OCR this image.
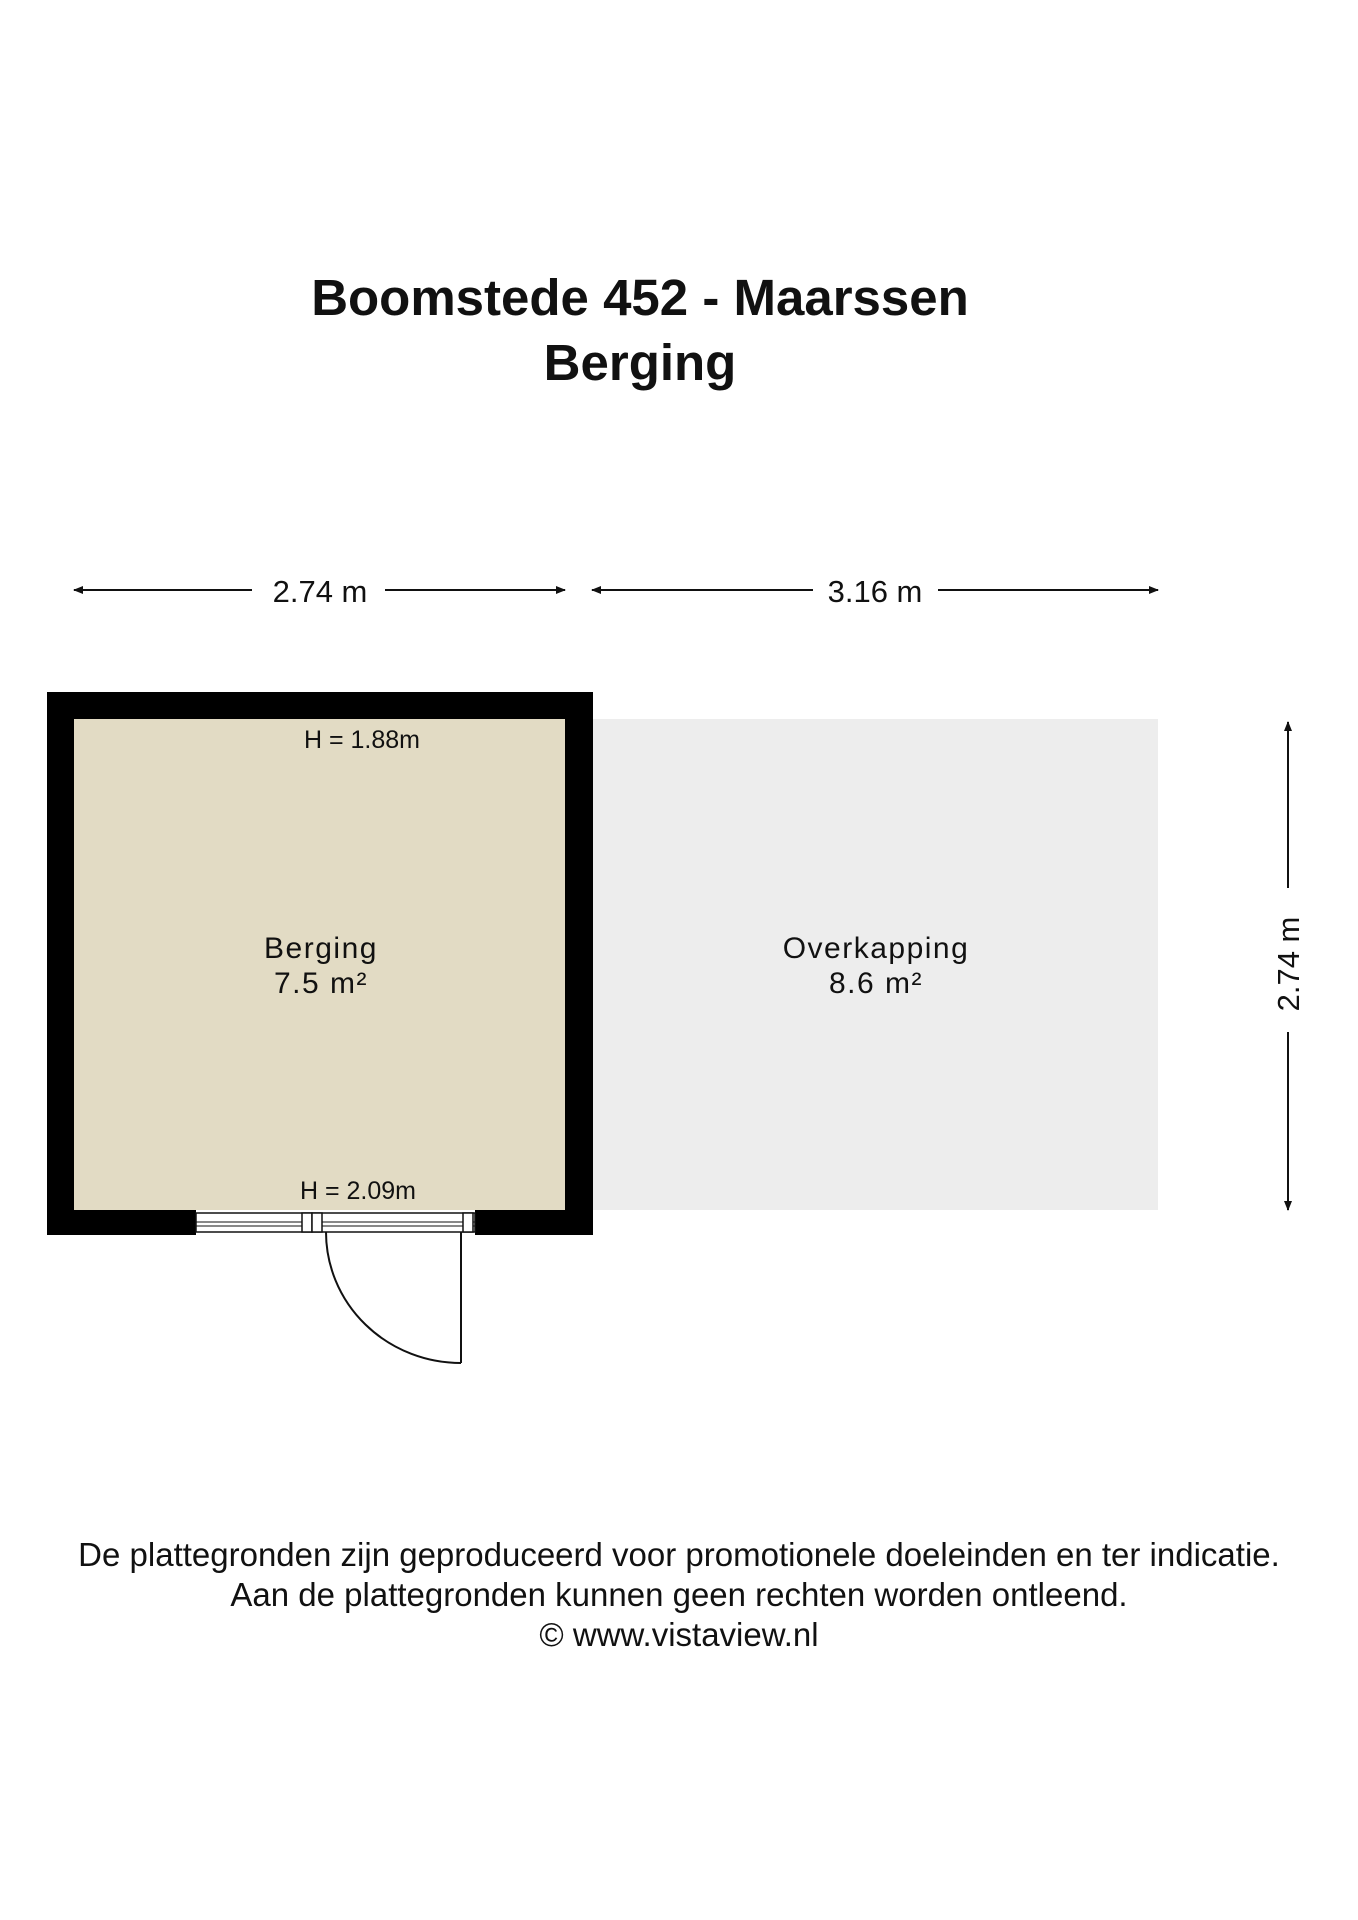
Boomstede 452 - Maarssen
Berging
2.74 m	3.16 m
2.74 m
H = 1.88m
Berging
7.5 m²
H = 2.09m
Overkapping
8.6 m²
De plattegronden zijn geproduceerd voor promotionele doeleinden en ter indicatie.
Aan de plattegronden kunnen geen rechten worden ontleend.
© www.vistaview.nl
